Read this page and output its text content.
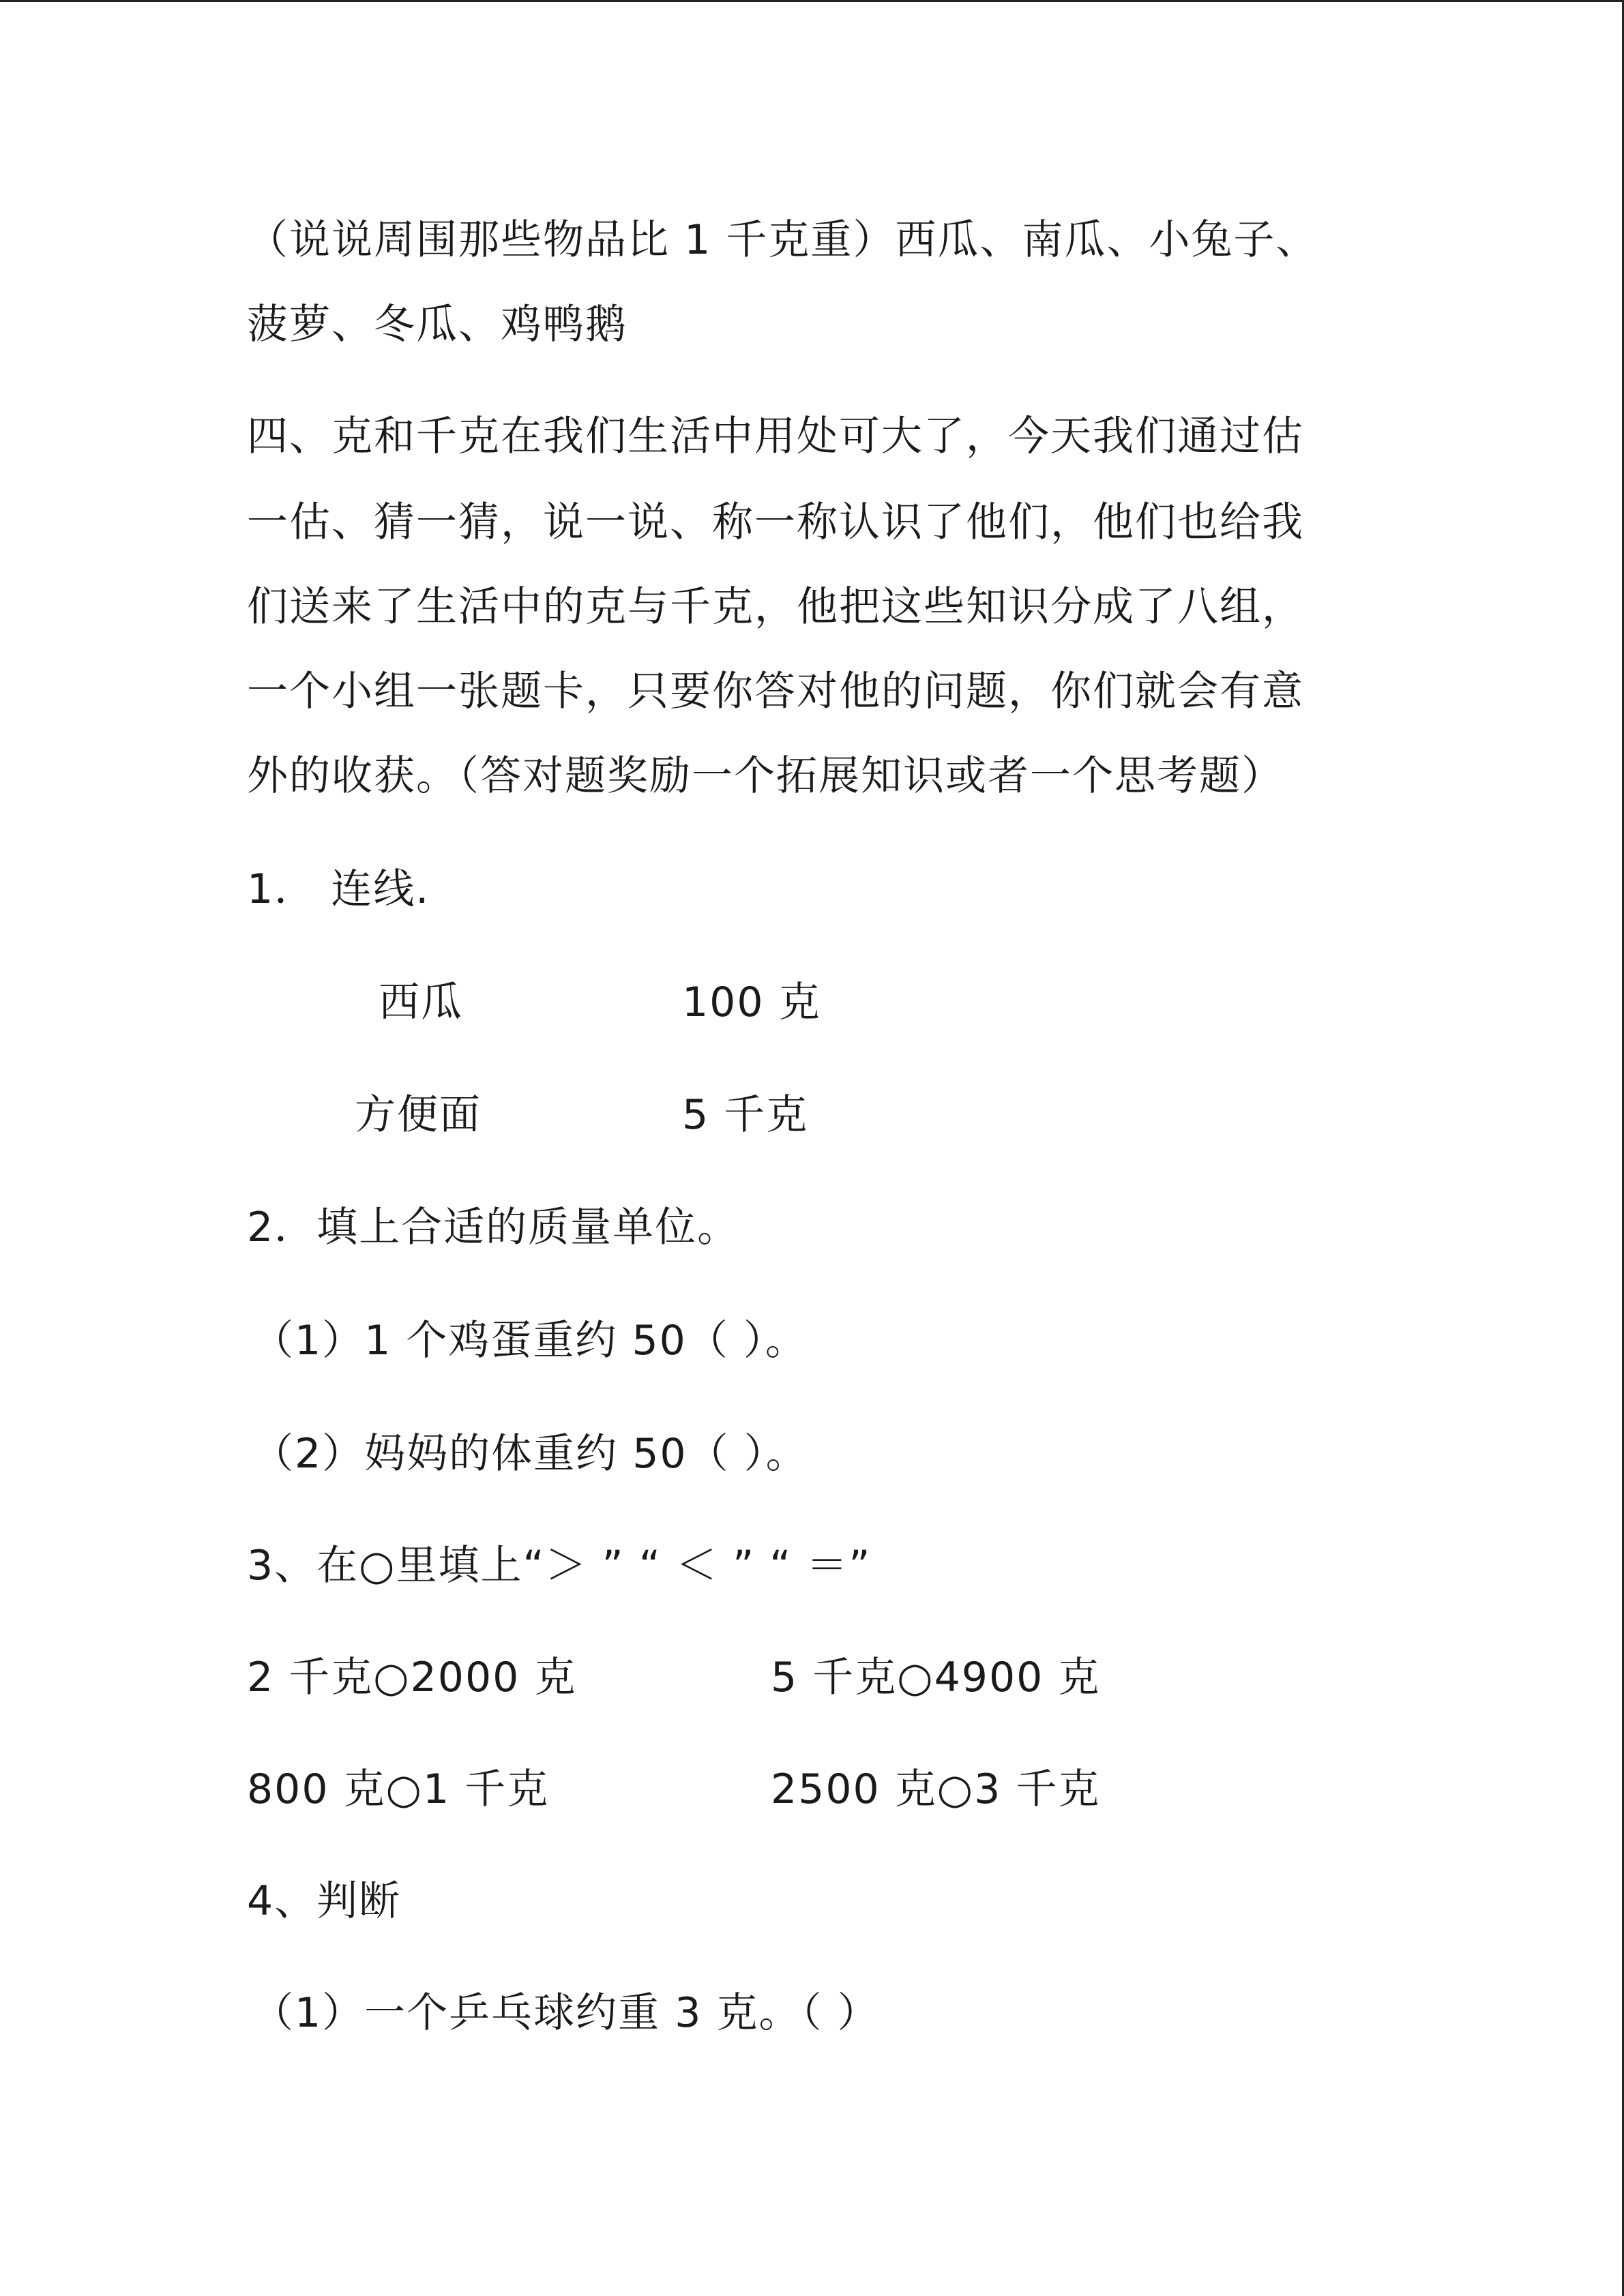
（说说周围那些物品比 1 千克重）西瓜、南瓜、小兔子、
菠萝、冬瓜、鸡鸭鹅
四、克和千克在我们生活中用处可大了，今天我们通过估
一估、猜一猜，说一说、称一称认识了他们，他们也给我
们送来了生活中的克与千克，他把这些知识分成了八组，
一个小组一张题卡，只要你答对他的问题，你们就会有意
外的收获。（答对题奖励一个拓展知识或者一个思考题）
1． 连线.
西瓜	100 克
方便面	5 千克
2．填上合适的质量单位。
（1）1 个鸡蛋重约 50（ ）。
（2）妈妈的体重约 50（ ）。
3、在○里填上“＞ ” “ ＜ ” “ ＝”
2 千克○2000 克	5 千克○4900 克
800 克○1 千克	2500 克○3 千克
4、判断
（1）一个乒乓球约重 3 克。（ ）
